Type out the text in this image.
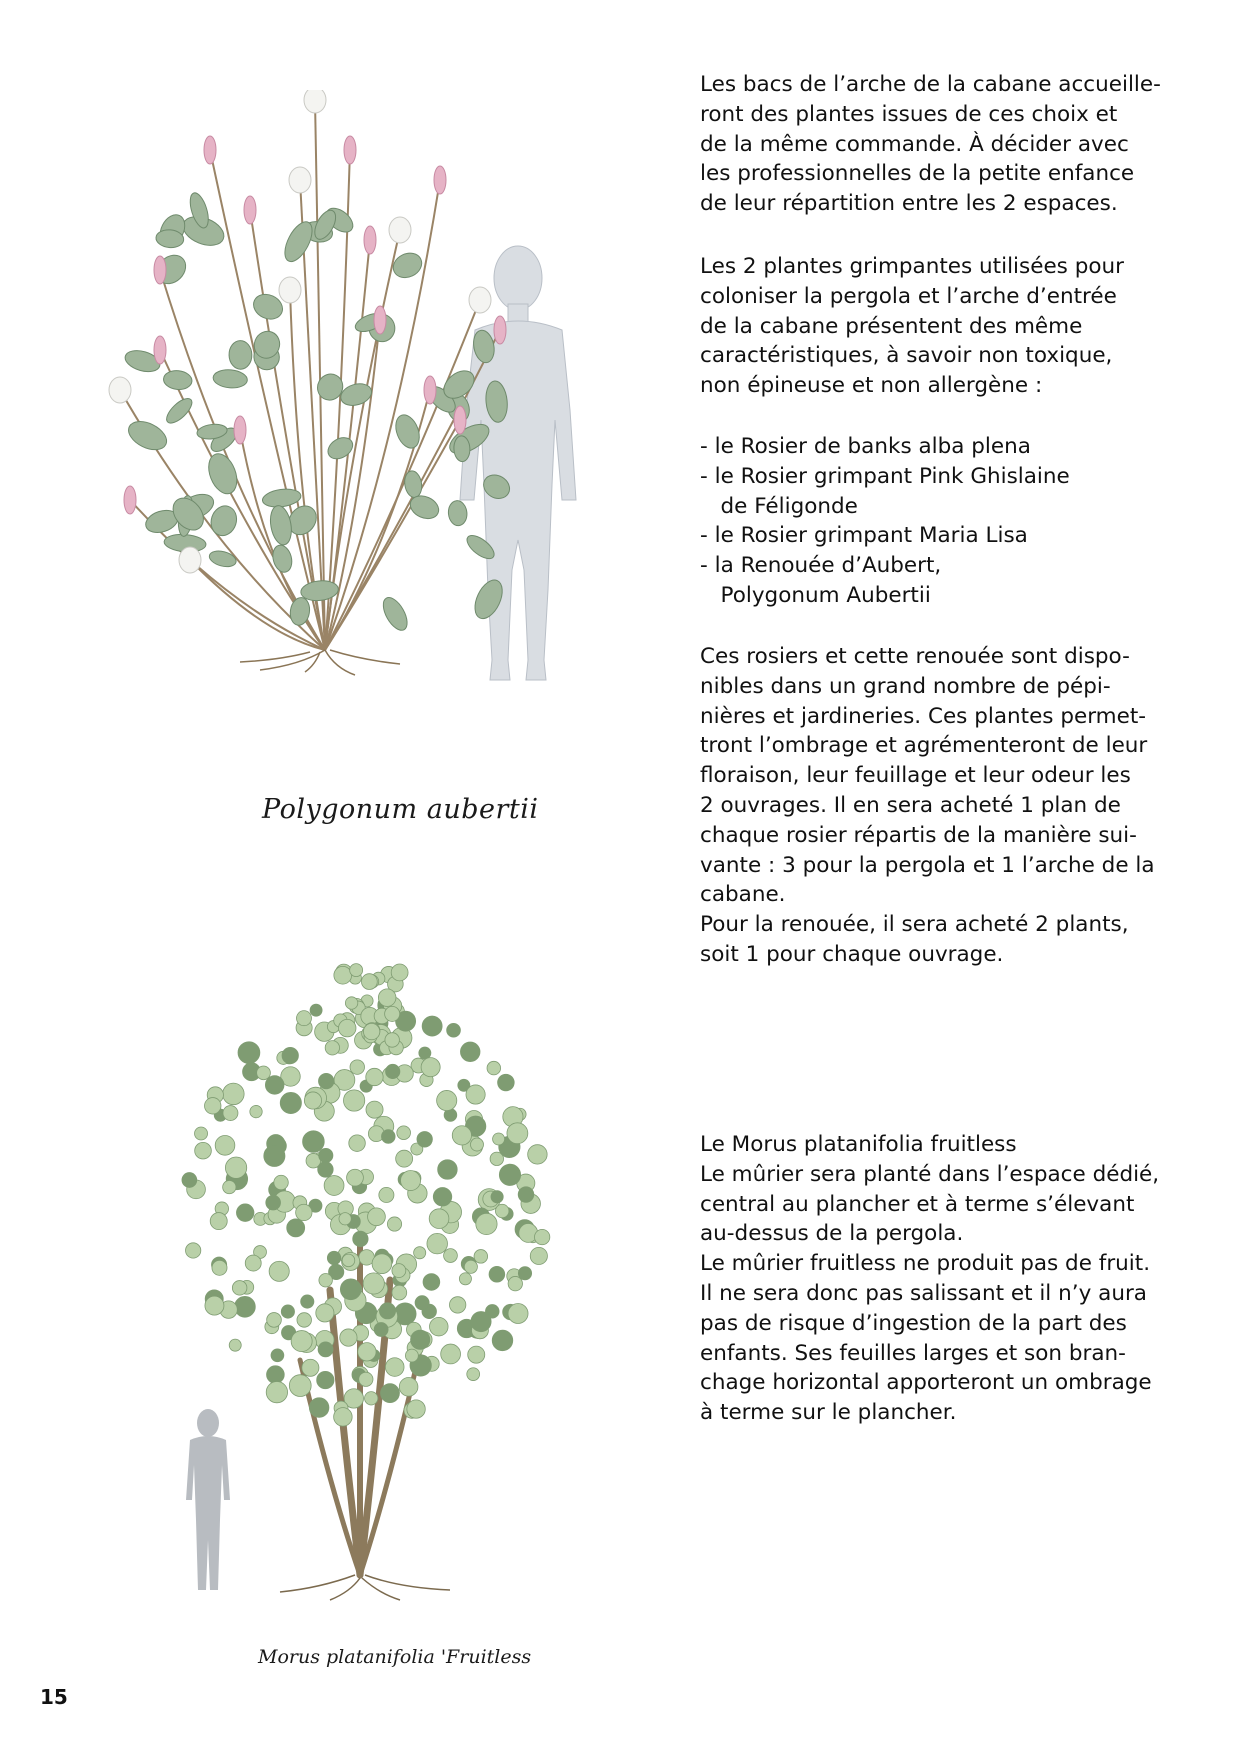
Polygonum aubertii
Morus platanifolia 'Fruitless

Les bacs de l’arche de la cabane accueille-

ront des plantes issues de ces choix et

de la même commande. À décider avec

les professionnelles de la petite enfance

de leur répartition entre les 2 espaces.

Les 2 plantes grimpantes utilisées pour

coloniser la pergola et l’arche d’entrée

de la cabane présentent des même

caractéristiques, à savoir non toxique,

non épineuse et non allergène :

- le Rosier de banks alba plena

- le Rosier grimpant Pink Ghislaine

de Féligonde

- le Rosier grimpant Maria Lisa

- la Renouée d’Aubert,

Polygonum Aubertii

Ces rosiers et cette renouée sont dispo-

nibles dans un grand nombre de pépi-

nières et jardineries. Ces plantes permet-

tront l’ombrage et agrémenteront de leur

floraison, leur feuillage et leur odeur les

2 ouvrages. Il en sera acheté 1 plan de

chaque rosier répartis de la manière sui-

vante : 3 pour la pergola et 1 l’arche de la

cabane.

Pour la renouée, il sera acheté 2 plants,

soit 1 pour chaque ouvrage.

Le Morus platanifolia fruitless

Le mûrier sera planté dans l’espace dédié,

central au plancher et à terme s’élevant

au-dessus de la pergola.

Le mûrier fruitless ne produit pas de fruit.

Il ne sera donc pas salissant et il n’y aura

pas de risque d’ingestion de la part des

enfants. Ses feuilles larges et son bran-

chage horizontal apporteront un ombrage

à terme sur le plancher.

15
